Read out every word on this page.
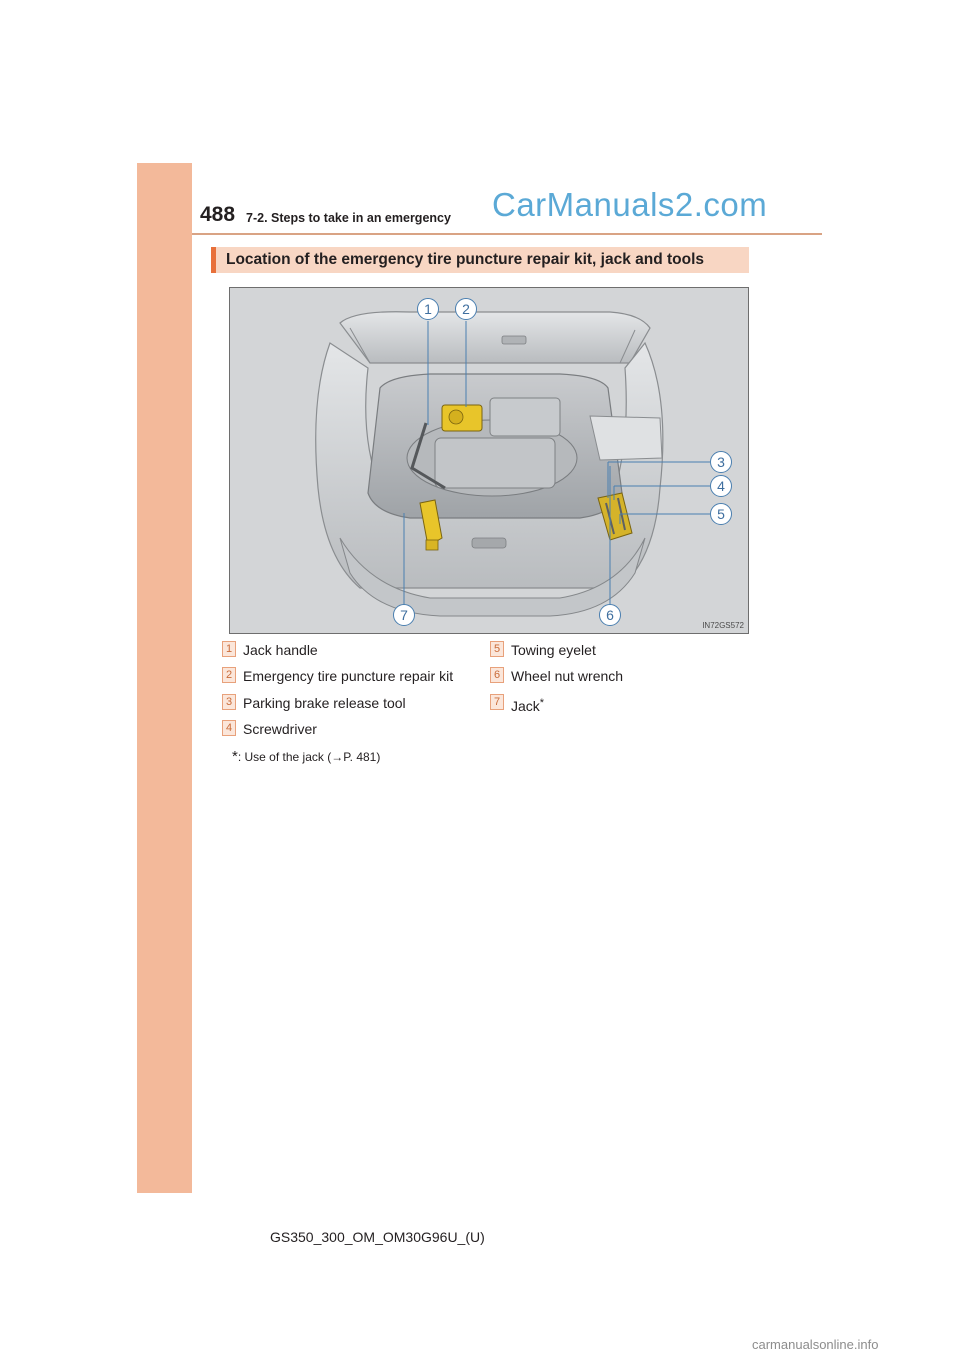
488 7-2. Steps to take in an emergency CarManuals2.com
Location of the emergency tire puncture repair kit, jack and tools
1	2
3
4
5
6
7
IN72GS572
1 Jack handle
2 Emergency tire puncture repair kit
3 Parking brake release tool
4 Screwdriver
5 Towing eyelet
6 Wheel nut wrench
7 Jack*
*: Use of the jack (→P. 481)
GS350_300_OM_OM30G96U_(U)
carmanualsonline.info
